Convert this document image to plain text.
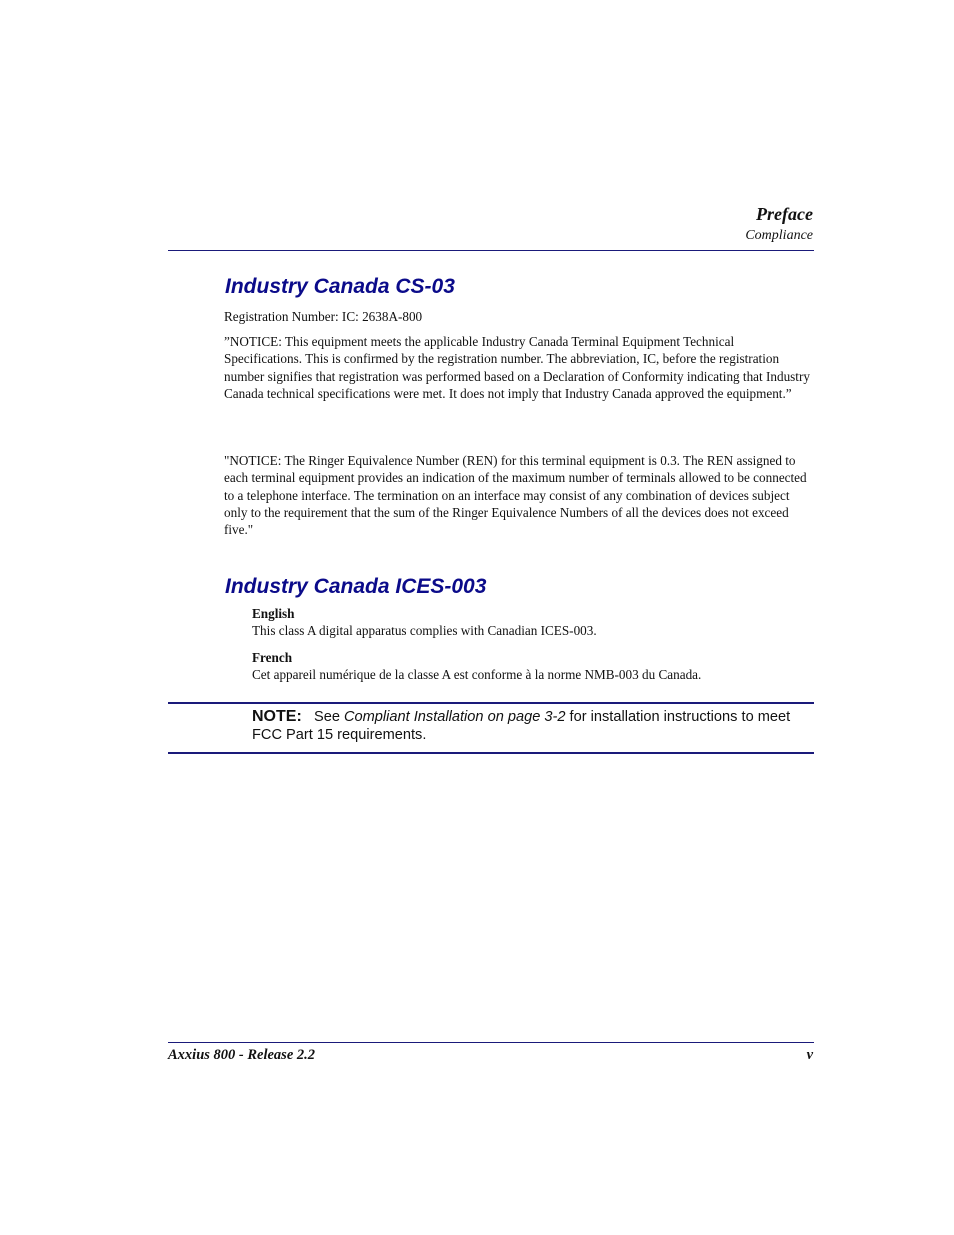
Preface
Compliance
Industry Canada CS-03

Registration Number: IC: 2638A-800

”NOTICE: This equipment meets the applicable Industry Canada Terminal Equipment Technical Specifications. This is confirmed by the registration number. The abbreviation, IC, before the registration number signifies that registration was performed based on a Declaration of Conformity indicating that Industry Canada technical specifications were met. It does not imply that Industry Canada approved the equipment.”

"NOTICE: The Ringer Equivalence Number (REN) for this terminal equipment is 0.3. The REN assigned to each terminal equipment provides an indication of the maximum number of terminals allowed to be connected to a telephone interface. The termination on an interface may consist of any combination of devices subject only to the requirement that the sum of the Ringer Equivalence Numbers of all the devices does not exceed five."

Industry Canada ICES-003
English
This class A digital apparatus complies with Canadian ICES-003.
French
Cet appareil numérique de la classe A est conforme à la norme NMB-003 du Canada.
NOTE: See Compliant Installation on page 3-2 for installation instructions to meet FCC Part 15 requirements.
Axxius 800 - Release 2.2	v
